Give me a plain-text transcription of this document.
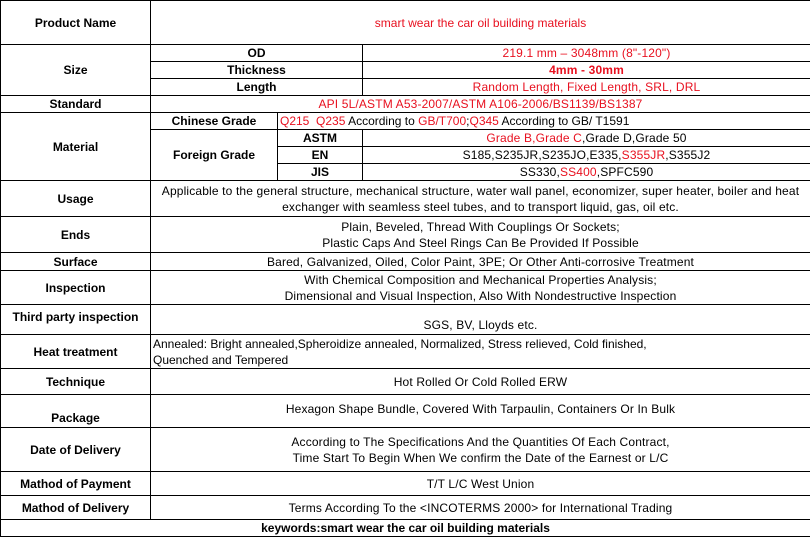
Product Name	smart wear the car oil building materials		
Size	OD		219.1 mm – 3048mm (8"-120")
	Thickness		4mm - 30mm
	Length		Random Length, Fixed Length, SRL, DRL
Standard	API 5L/ASTM A53-2007/ASTM A106-2006/BS1139/BS1387		
Material	Chinese Grade	Q215 Q235 According to GB/T700;Q345 According to GB/ T1591	
	Foreign Grade	ASTM	Grade B,Grade C,Grade D,Grade 50
		EN	S185,S235JR,S235JO,E335,S355JR,S355J2
		JIS	SS330,SS400,SPFC590
Usage	Applicable to the general structure, mechanical structure, water wall panel, economizer, super heater, boiler and heat exchanger with seamless steel tubes, and to transport liquid, gas, oil etc.		
Ends	Plain, Beveled, Thread With Couplings Or Sockets;
Plastic Caps And Steel Rings Can Be Provided If Possible		

Surface	Bared, Galvanized, Oiled, Color Paint, 3PE; Or Other Anti-corrosive Treatment		
Inspection	With Chemical Composition and Mechanical Properties Analysis;
Dimensional and Visual Inspection, Also With Nondestructive Inspection		

Third party inspection	SGS, BV, Lloyds etc.		
Heat treatment	Annealed: Bright annealed,Spheroidize annealed, Normalized, Stress relieved, Cold finished,
Quenched and Tempered		

Technique	Hot Rolled Or Cold Rolled ERW		
Package	Hexagon Shape Bundle, Covered With Tarpaulin, Containers Or In Bulk		
Date of Delivery	According to The Specifications And the Quantities Of Each Contract,
Time Start To Begin When We confirm the Date of the Earnest or L/C		

Mathod of Payment	T/T L/C West Union		
Mathod of Delivery	Terms According To the <INCOTERMS 2000> for International Trading		
keywords:smart wear the car oil building materials			
